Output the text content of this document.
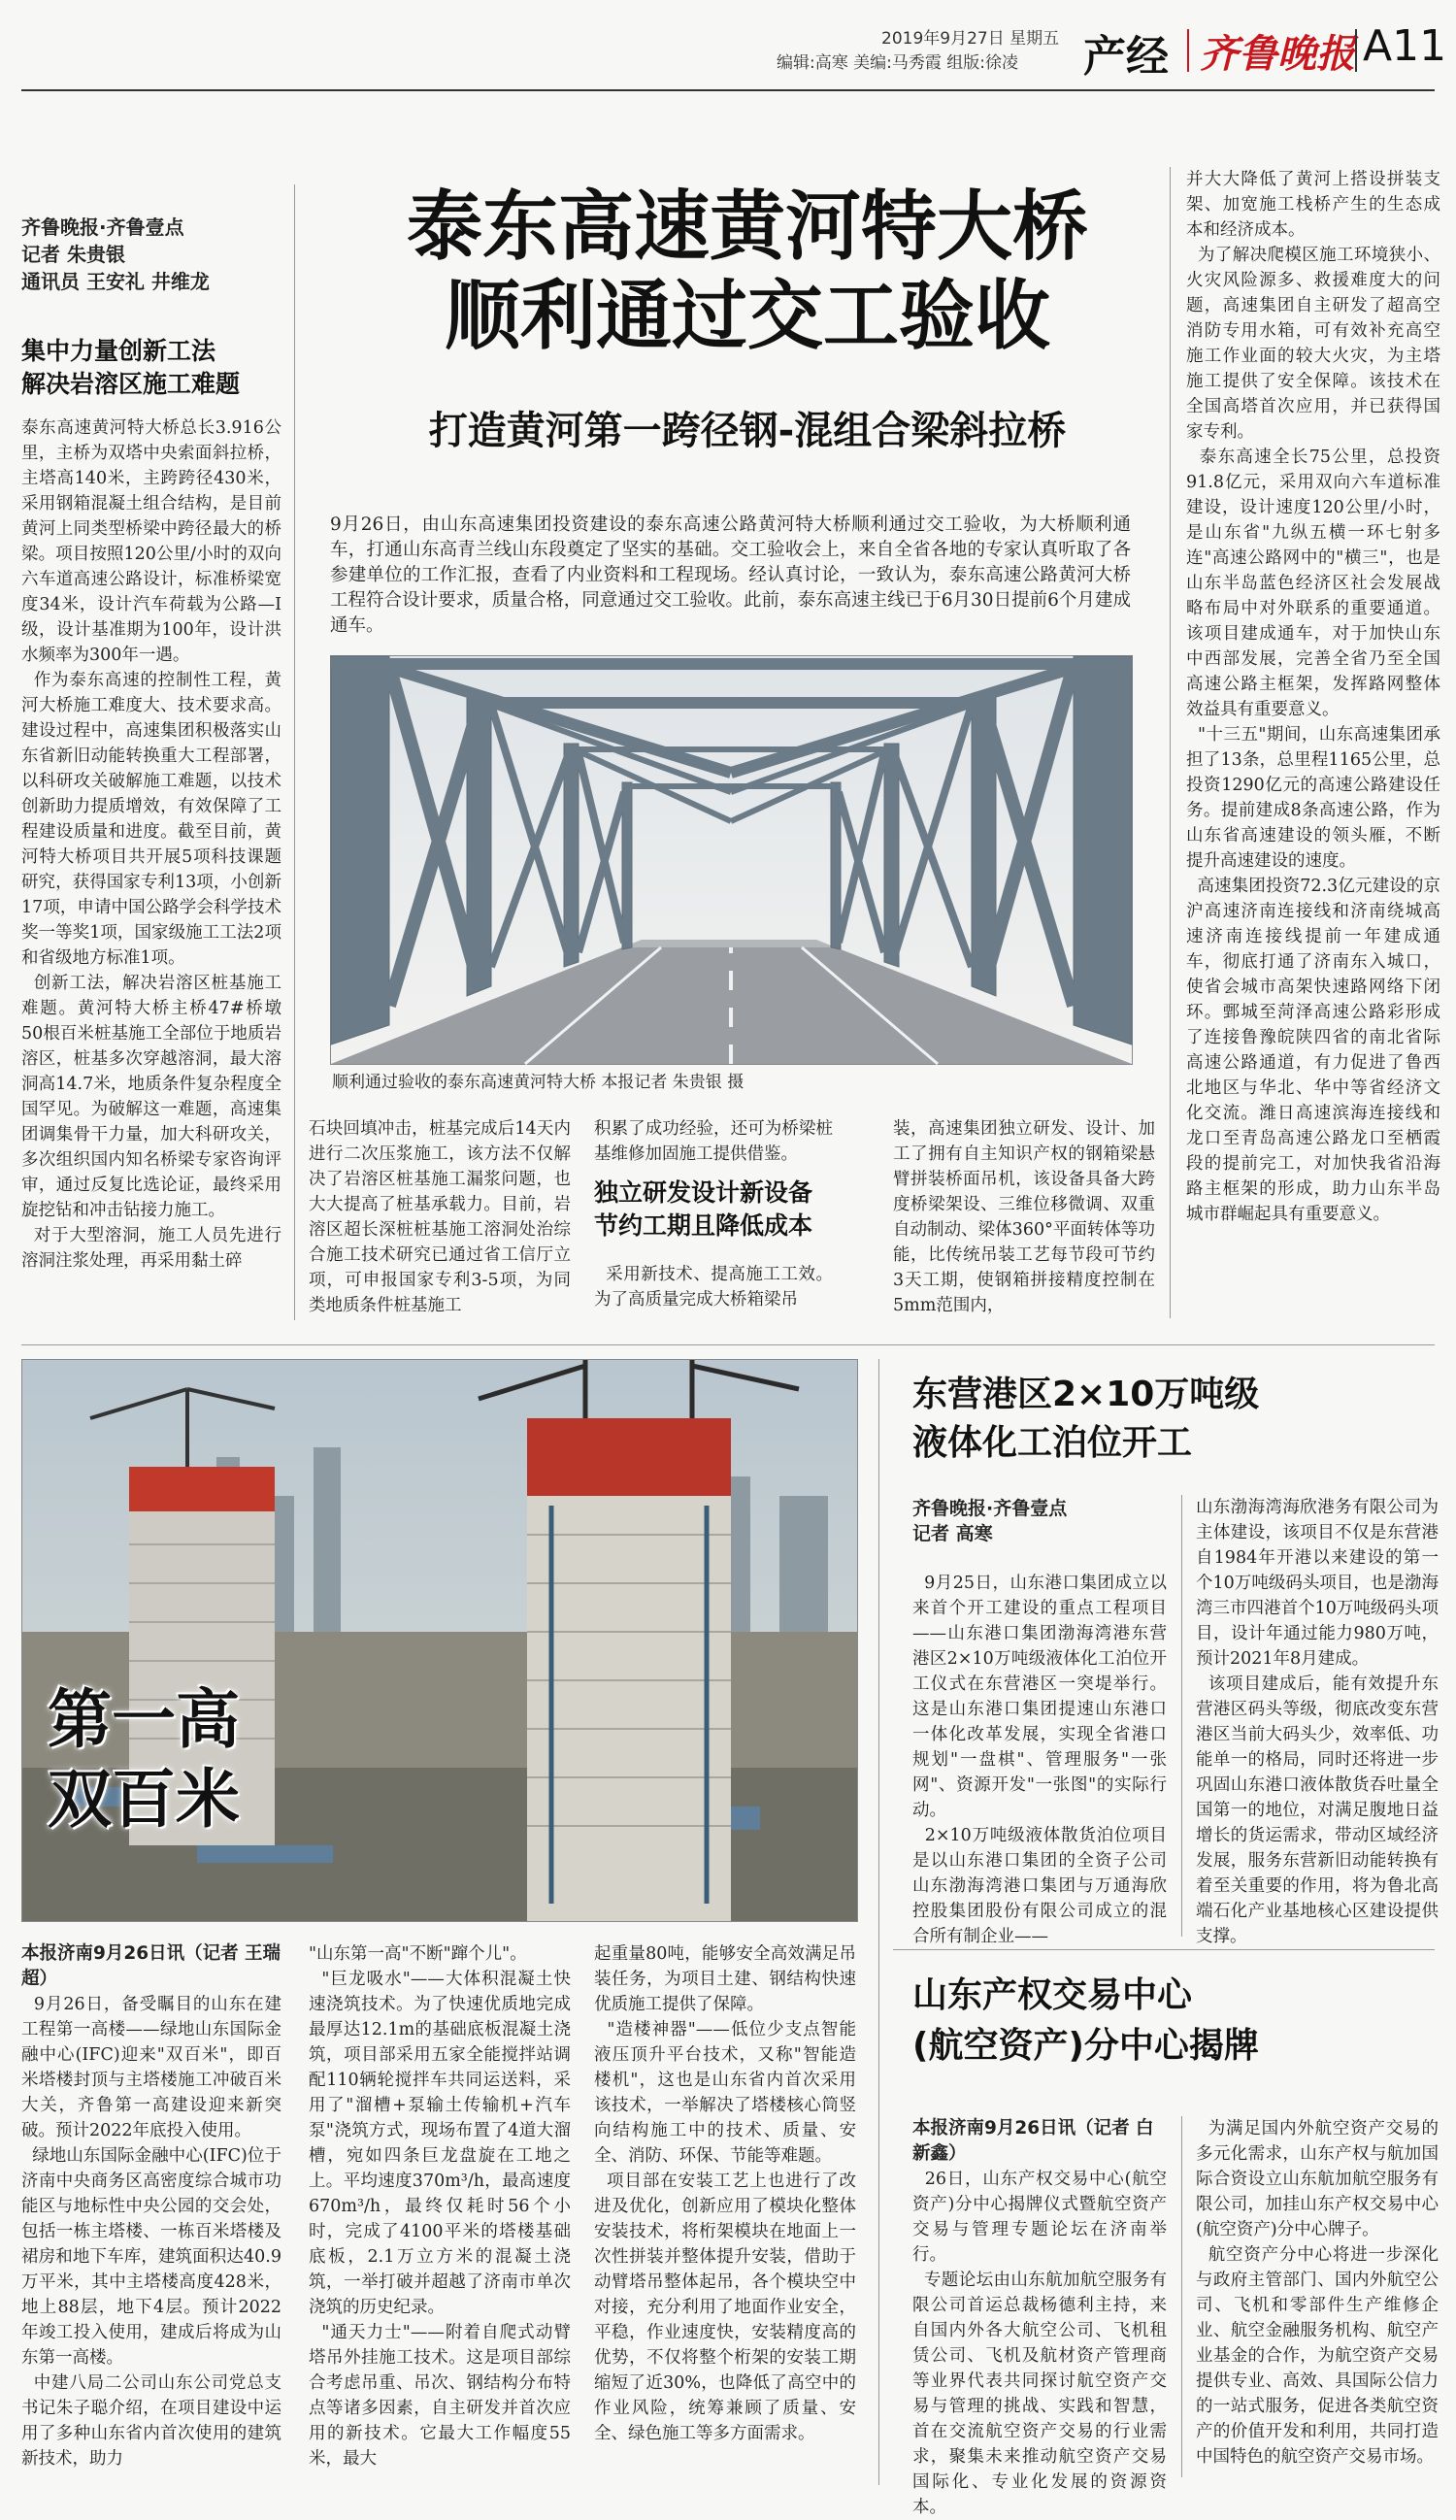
2019年9月27日 星期五
编辑:高寒 美编:马秀霞 组版:徐凌 产经 齐鲁晚报 A11
齐鲁晚报·齐鲁壹点
记者 朱贵银
通讯员 王安礼 井维龙
泰东高速黄河特大桥
顺利通过交工验收
打造黄河第一跨径钢-混组合梁斜拉桥
集中力量创新工法
解决岩溶区施工难题
泰东高速黄河特大桥总长3.916公里，主桥为双塔中央索面斜拉桥，主塔高140米，主跨跨径430米，采用钢箱混凝土组合结构，是目前黄河上同类型桥梁中跨径最大的桥梁。项目按照120公里/小时的双向六车道高速公路设计，标准桥梁宽度34米，设计汽车荷载为公路—I级，设计基准期为100年，设计洪水频率为300年一遇。
作为泰东高速的控制性工程，黄河大桥施工难度大、技术要求高。建设过程中，高速集团积极落实山东省新旧动能转换重大工程部署，以科研攻关破解施工难题，以技术创新助力提质增效，有效保障了工程建设质量和进度。截至目前，黄河特大桥项目共开展5项科技课题研究，获得国家专利13项，小创新17项，申请中国公路学会科学技术奖一等奖1项，国家级施工工法2项和省级地方标准1项。
创新工法，解决岩溶区桩基施工难题。黄河特大桥主桥47#桥墩50根百米桩基施工全部位于地质岩溶区，桩基多次穿越溶洞，最大溶洞高14.7米，地质条件复杂程度全国罕见。为破解这一难题，高速集团调集骨干力量，加大科研攻关，多次组织国内知名桥梁专家咨询评审，通过反复比选论证，最终采用旋挖钻和冲击钻接力施工。
对于大型溶洞，施工人员先进行溶洞注浆处理，再采用黏土碎
9月26日，由山东高速集团投资建设的泰东高速公路黄河特大桥顺利通过交工验收，为大桥顺利通车，打通山东高青兰线山东段奠定了坚实的基础。交工验收会上，来自全省各地的专家认真听取了各参建单位的工作汇报，查看了内业资料和工程现场。经认真讨论，一致认为，泰东高速公路黄河大桥工程符合设计要求，质量合格，同意通过交工验收。此前，泰东高速主线已于6月30日提前6个月建成通车。
顺利通过验收的泰东高速黄河特大桥 本报记者 朱贵银 摄
石块回填冲击，桩基完成后14天内进行二次压浆施工，该方法不仅解决了岩溶区桩基施工漏浆问题，也大大提高了桩基承载力。目前，岩溶区超长深桩桩基施工溶洞处治综合施工技术研究已通过省工信厅立项，可申报国家专利3-5项，为同类地质条件桩基施工
积累了成功经验，还可为桥梁桩基维修加固施工提供借鉴。
独立研发设计新设备
节约工期且降低成本
采用新技术、提高施工工效。为了高质量完成大桥箱梁吊
装，高速集团独立研发、设计、加工了拥有自主知识产权的钢箱梁悬臂拼装桥面吊机，该设备具备大跨度桥梁架设、三维位移微调、双重自动制动、梁体360°平面转体等功能，比传统吊装工艺每节段可节约3天工期，使钢箱拼接精度控制在5mm范围内，
并大大降低了黄河上搭设拼装支架、加宽施工栈桥产生的生态成本和经济成本。
为了解决爬模区施工环境狭小、火灾风险源多、救援难度大的问题，高速集团自主研发了超高空消防专用水箱，可有效补充高空施工作业面的较大火灾，为主塔施工提供了安全保障。该技术在全国高塔首次应用，并已获得国家专利。
泰东高速全长75公里，总投资91.8亿元，采用双向六车道标准建设，设计速度120公里/小时，是山东省"九纵五横一环七射多连"高速公路网中的"横三"，也是山东半岛蓝色经济区社会发展战略布局中对外联系的重要通道。该项目建成通车，对于加快山东中西部发展，完善全省乃至全国高速公路主框架，发挥路网整体效益具有重要意义。
"十三五"期间，山东高速集团承担了13条，总里程1165公里，总投资1290亿元的高速公路建设任务。提前建成8条高速公路，作为山东省高速建设的领头雁，不断提升高速建设的速度。
高速集团投资72.3亿元建设的京沪高速济南连接线和济南绕城高速济南连接线提前一年建成通车，彻底打通了济南东入城口，使省会城市高架快速路网络下闭环。鄄城至菏泽高速公路彩形成了连接鲁豫皖陕四省的南北省际高速公路通道，有力促进了鲁西北地区与华北、华中等省经济文化交流。潍日高速滨海连接线和龙口至青岛高速公路龙口至栖霞段的提前完工，对加快我省沿海路主框架的形成，助力山东半岛城市群崛起具有重要意义。
第一高
双百米
本报济南9月26日讯（记者 王瑞超）
9月26日，备受瞩目的山东在建工程第一高楼——绿地山东国际金融中心(IFC)迎来"双百米"，即百米塔楼封顶与主塔楼施工冲破百米大关，齐鲁第一高建设迎来新突破。预计2022年底投入使用。
绿地山东国际金融中心(IFC)位于济南中央商务区高密度综合城市功能区与地标性中央公园的交会处，包括一栋主塔楼、一栋百米塔楼及裙房和地下车库，建筑面积达40.9万平米，其中主塔楼高度428米，地上88层，地下4层。预计2022年竣工投入使用，建成后将成为山东第一高楼。
中建八局二公司山东公司党总支书记朱子聪介绍，在项目建设中运用了多种山东省内首次使用的建筑新技术，助力
"山东第一高"不断"蹿个儿"。
"巨龙吸水"——大体积混凝土快速浇筑技术。为了快速优质地完成最厚达12.1m的基础底板混凝土浇筑，项目部采用五家全能搅拌站调配110辆轮搅拌车共同运送料，采用了"溜槽+泵输土传输机+汽车泵"浇筑方式，现场布置了4道大溜槽，宛如四条巨龙盘旋在工地之上。平均速度370m³/h，最高速度670m³/h，最终仅耗时56个小时，完成了4100平米的塔楼基础底板，2.1万立方米的混凝土浇筑，一举打破并超越了济南市单次浇筑的历史纪录。
"通天力士"——附着自爬式动臂塔吊外挂施工技术。这是项目部综合考虑吊重、吊次、钢结构分布特点等诸多因素，自主研发并首次应用的新技术。它最大工作幅度55米，最大
起重量80吨，能够安全高效满足吊装任务，为项目土建、钢结构快速优质施工提供了保障。
"造楼神器"——低位少支点智能液压顶升平台技术，又称"智能造楼机"，这也是山东省内首次采用该技术，一举解决了塔楼核心筒竖向结构施工中的技术、质量、安全、消防、环保、节能等难题。
项目部在安装工艺上也进行了改进及优化，创新应用了模块化整体安装技术，将桁架模块在地面上一次性拼装并整体提升安装，借助于动臂塔吊整体起吊，各个模块空中对接，充分利用了地面作业安全，平稳，作业速度快，安装精度高的优势，不仅将整个桁架的安装工期缩短了近30%，也降低了高空中的作业风险，统筹兼顾了质量、安全、绿色施工等多方面需求。
东营港区2×10万吨级
液体化工泊位开工
齐鲁晚报·齐鲁壹点
记者 高寒
9月25日，山东港口集团成立以来首个开工建设的重点工程项目——山东港口集团渤海湾港东营港区2×10万吨级液体化工泊位开工仪式在东营港区一突堤举行。这是山东港口集团提速山东港口一体化改革发展，实现全省港口规划"一盘棋"、管理服务"一张网"、资源开发"一张图"的实际行动。
2×10万吨级液体散货泊位项目是以山东港口集团的全资子公司山东渤海湾港口集团与万通海欣控股集团股份有限公司成立的混合所有制企业——
山东渤海湾海欣港务有限公司为主体建设，该项目不仅是东营港自1984年开港以来建设的第一个10万吨级码头项目，也是渤海湾三市四港首个10万吨级码头项目，设计年通过能力980万吨，预计2021年8月建成。
该项目建成后，能有效提升东营港区码头等级，彻底改变东营港区当前大码头少，效率低、功能单一的格局，同时还将进一步巩固山东港口液体散货吞吐量全国第一的地位，对满足腹地日益增长的货运需求，带动区域经济发展，服务东营新旧动能转换有着至关重要的作用，将为鲁北高端石化产业基地核心区建设提供支撑。
山东产权交易中心
(航空资产)分中心揭牌
本报济南9月26日讯（记者 白新鑫）
26日，山东产权交易中心(航空资产)分中心揭牌仪式暨航空资产交易与管理专题论坛在济南举行。
专题论坛由山东航加航空服务有限公司首运总裁杨德利主持，来自国内外各大航空公司、飞机租赁公司、飞机及航材资产管理商等业界代表共同探讨航空资产交易与管理的挑战、实践和智慧，首在交流航空资产交易的行业需求，聚集未来推动航空资产交易国际化、专业化发展的资源资本。
为满足国内外航空资产交易的多元化需求，山东产权与航加国际合资设立山东航加航空服务有限公司，加挂山东产权交易中心(航空资产)分中心牌子。
航空资产分中心将进一步深化与政府主管部门、国内外航空公司、飞机和零部件生产维修企业、航空金融服务机构、航空产业基金的合作，为航空资产交易提供专业、高效、具国际公信力的一站式服务，促进各类航空资产的价值开发和利用，共同打造中国特色的航空资产交易市场。
